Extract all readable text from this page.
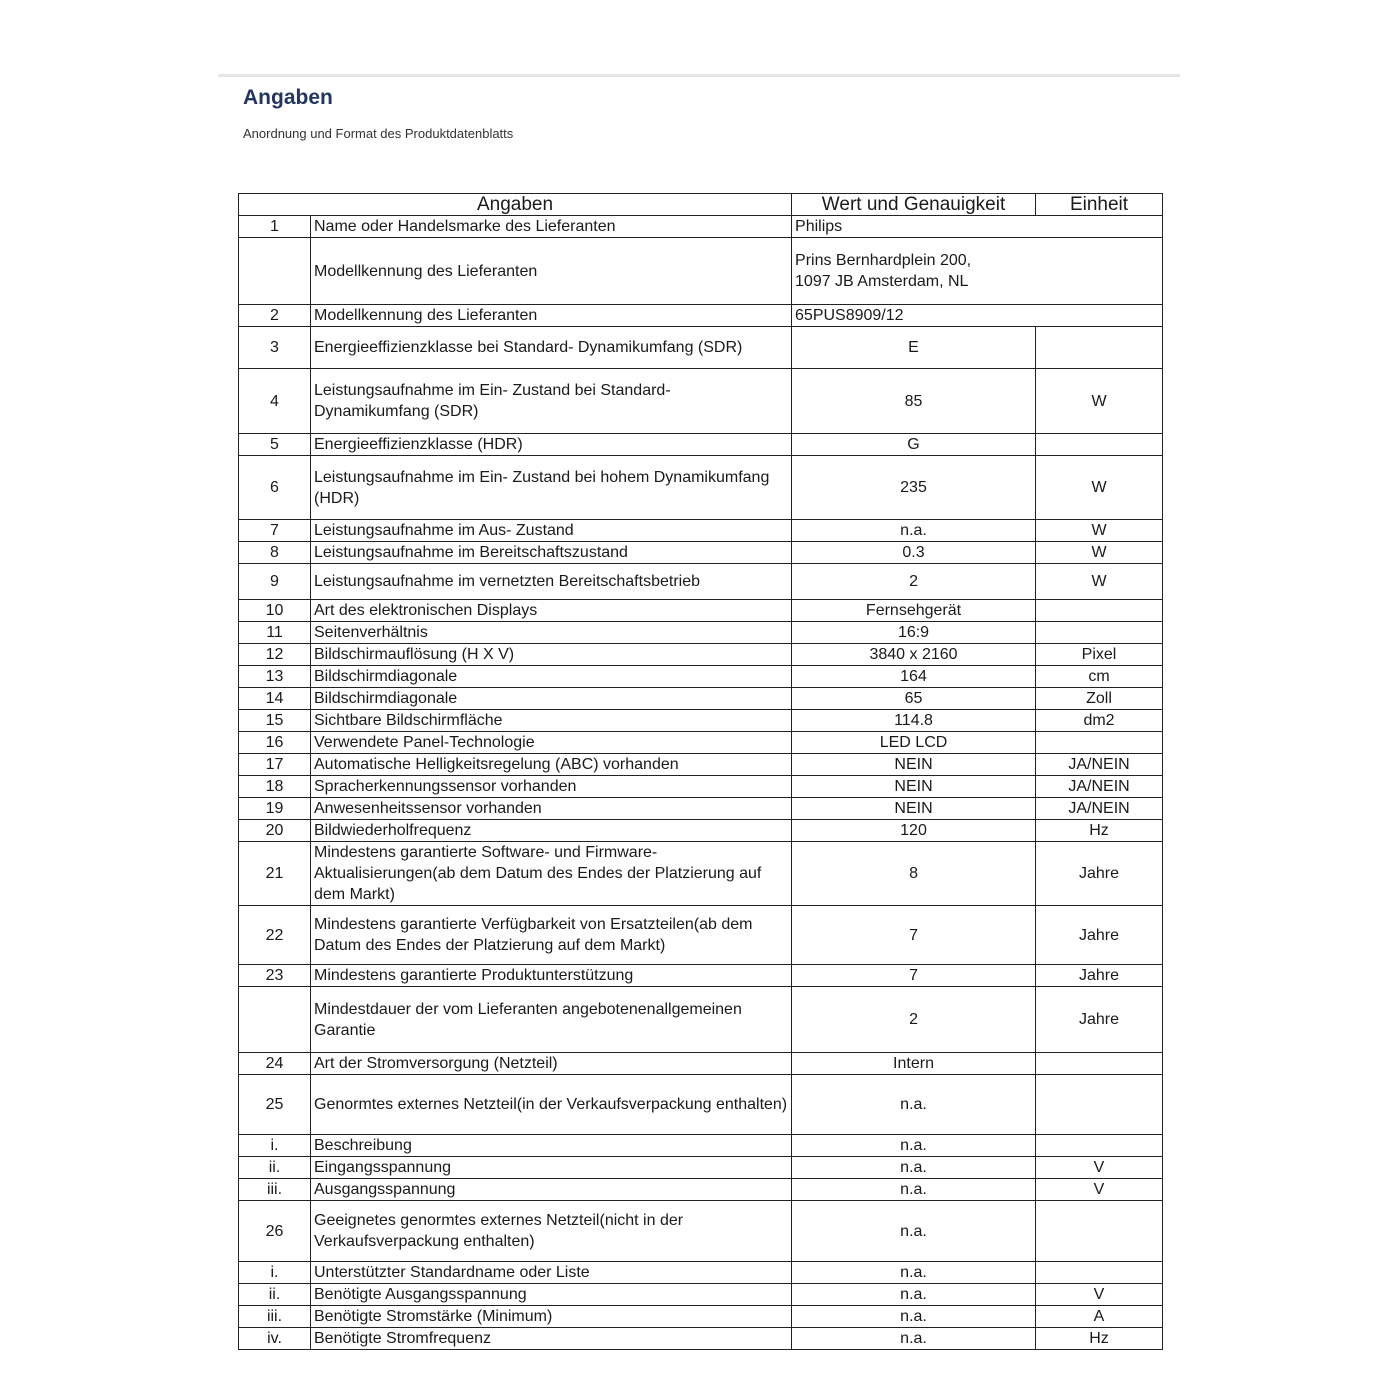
Angaben
Anordnung und Format des Produktdatenblatts
Angaben		Wert und Genauigkeit	Einheit
1	Name oder Handelsmarke des Lieferanten	Philips	
	Modellkennung des Lieferanten	Prins Bernhardplein 200,
1097 JB Amsterdam, NL	
2	Modellkennung des Lieferanten	65PUS8909/12	
3	Energieeffizienzklasse bei Standard- Dynamikumfang (SDR)	E	
4	Leistungsaufnahme im Ein- Zustand bei Standard- Dynamikumfang (SDR)	85	W
5	Energieeffizienzklasse (HDR)	G	
6	Leistungsaufnahme im Ein- Zustand bei hohem Dynamikumfang (HDR)	235	W
7	Leistungsaufnahme im Aus- Zustand	n.a.	W
8	Leistungsaufnahme im Bereitschaftszustand	0.3	W
9	Leistungsaufnahme im vernetzten Bereitschaftsbetrieb	2	W
10	Art des elektronischen Displays	Fernsehgerät	
11	Seitenverhältnis	16:9	
12	Bildschirmauflösung (H X V)	3840 x 2160	Pixel
13	Bildschirmdiagonale	164	cm
14	Bildschirmdiagonale	65	Zoll
15	Sichtbare Bildschirmfläche	114.8	dm2
16	Verwendete Panel-Technologie	LED LCD	
17	Automatische Helligkeitsregelung (ABC) vorhanden	NEIN	JA/NEIN
18	Spracherkennungssensor vorhanden	NEIN	JA/NEIN
19	Anwesenheitssensor vorhanden	NEIN	JA/NEIN
20	Bildwiederholfrequenz	120	Hz
21	Mindestens garantierte Software- und Firmware- Aktualisierungen(ab dem Datum des Endes der Platzierung auf dem Markt)	8	Jahre
22	Mindestens garantierte Verfügbarkeit von Ersatzteilen(ab dem Datum des Endes der Platzierung auf dem Markt)	7	Jahre
23	Mindestens garantierte Produktunterstützung	7	Jahre
	Mindestdauer der vom Lieferanten angebotenenallgemeinen Garantie	2	Jahre
24	Art der Stromversorgung (Netzteil)	Intern	
25	Genormtes externes Netzteil(in der Verkaufsverpackung enthalten)	n.a.	
i.	Beschreibung	n.a.	
ii.	Eingangsspannung	n.a.	V
iii.	Ausgangsspannung	n.a.	V
26	Geeignetes genormtes externes Netzteil(nicht in der Verkaufsverpackung enthalten)	n.a.	
i.	Unterstützter Standardname oder Liste	n.a.	
ii.	Benötigte Ausgangsspannung	n.a.	V
iii.	Benötigte Stromstärke (Minimum)	n.a.	A
iv.	Benötigte Stromfrequenz	n.a.	Hz
